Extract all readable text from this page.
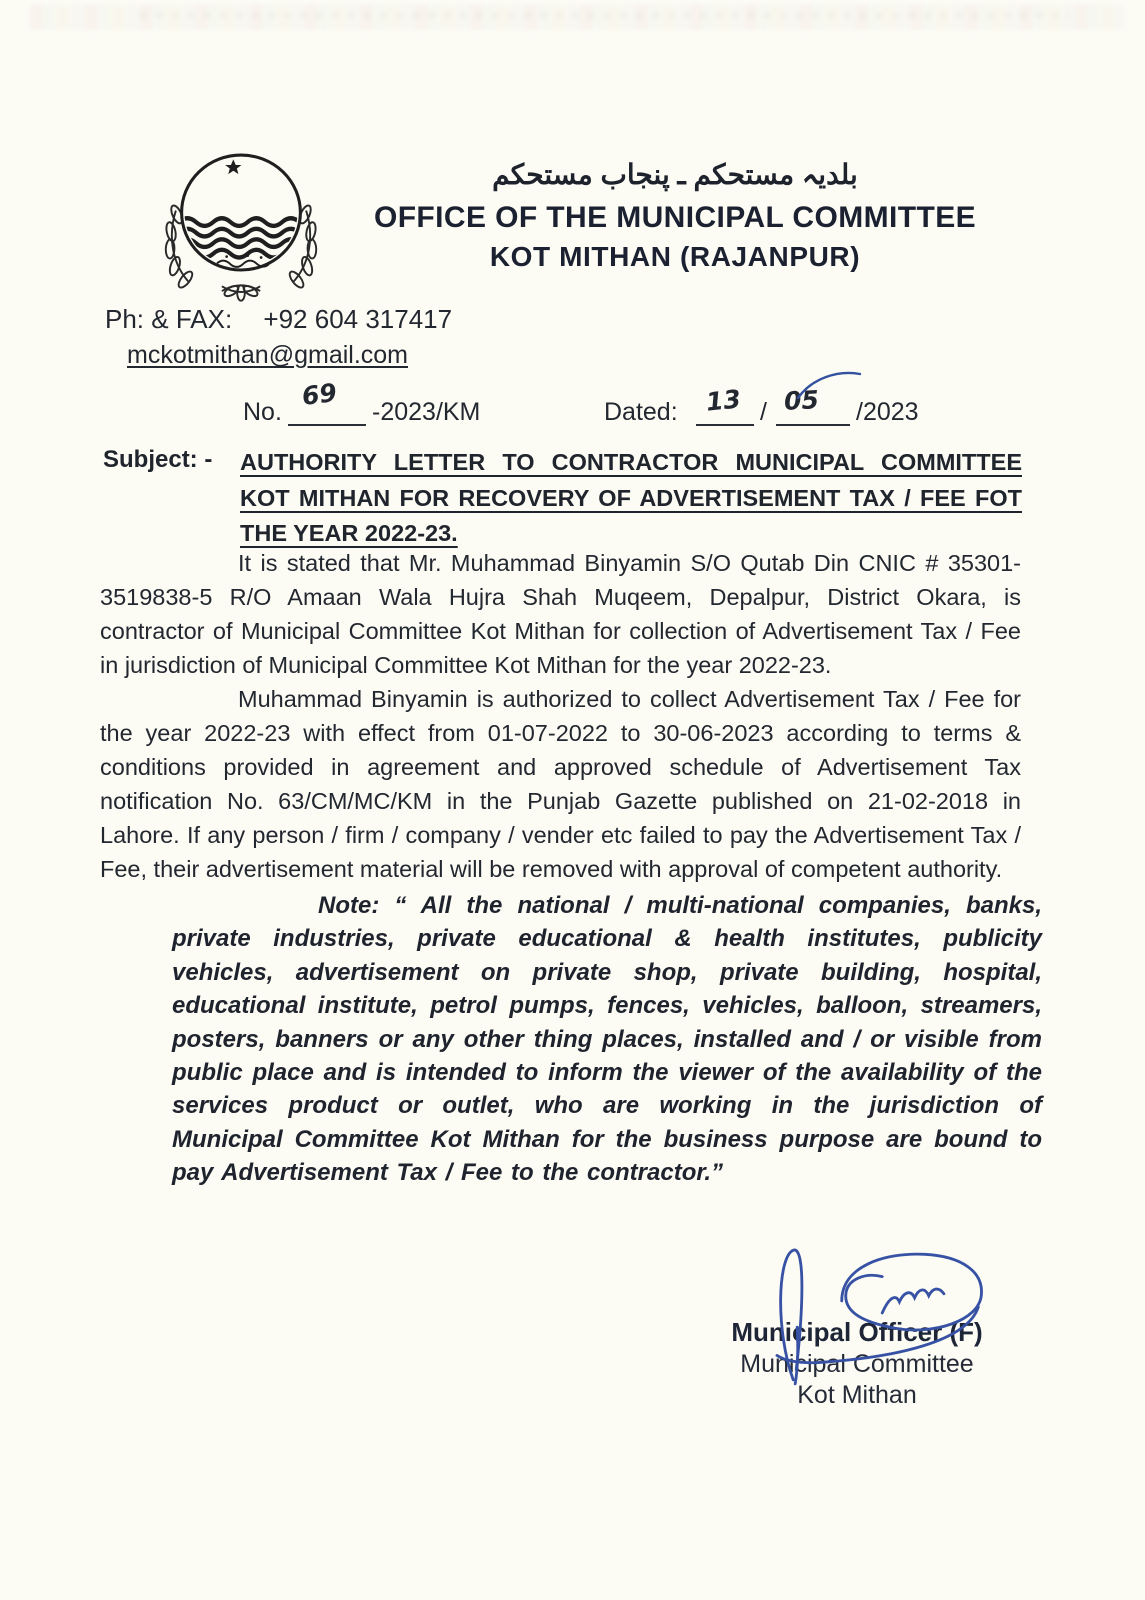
بلدیہ مستحکم ـ پنجاب مستحکم
OFFICE OF THE MUNICIPAL COMMITTEE
KOT MITHAN (RAJANPUR)
Ph: & FAX: +92 604 317417
mckotmithan@gmail.com
No.
69
-2023/KM	Dated: 13 / 05 /2023
Subject: - AUTHORITY LETTER TO CONTRACTOR MUNICIPAL COMMITTEE KOT MITHAN FOR RECOVERY OF ADVERTISEMENT TAX / FEE FOT THE YEAR 2022-23.

It is stated that Mr. Muhammad Binyamin S/O Qutab Din CNIC # 35301-3519838-5 R/O Amaan Wala Hujra Shah Muqeem, Depalpur, District Okara, is contractor of Municipal Committee Kot Mithan for collection of Advertisement Tax / Fee in jurisdiction of Municipal Committee Kot Mithan for the year 2022-23.

Muhammad Binyamin is authorized to collect Advertisement Tax / Fee for the year 2022-23 with effect from 01-07-2022 to 30-06-2023 according to terms & conditions provided in agreement and approved schedule of Advertisement Tax notification No. 63/CM/MC/KM in the Punjab Gazette published on 21-02-2018 in Lahore. If any person / firm / company / vender etc failed to pay the Advertisement Tax / Fee, their advertisement material will be removed with approval of competent authority.

Note: “ All the national / multi-national companies, banks, private industries, private educational & health institutes, publicity vehicles, advertisement on private shop, private building, hospital, educational institute, petrol pumps, fences, vehicles, balloon, streamers, posters, banners or any other thing places, installed and / or visible from public place and is intended to inform the viewer of the availability of the services product or outlet, who are working in the jurisdiction of Municipal Committee Kot Mithan for the business purpose are bound to pay Advertisement Tax / Fee to the contractor.”

Municipal Officer (F)
Municipal Committee
Kot Mithan
